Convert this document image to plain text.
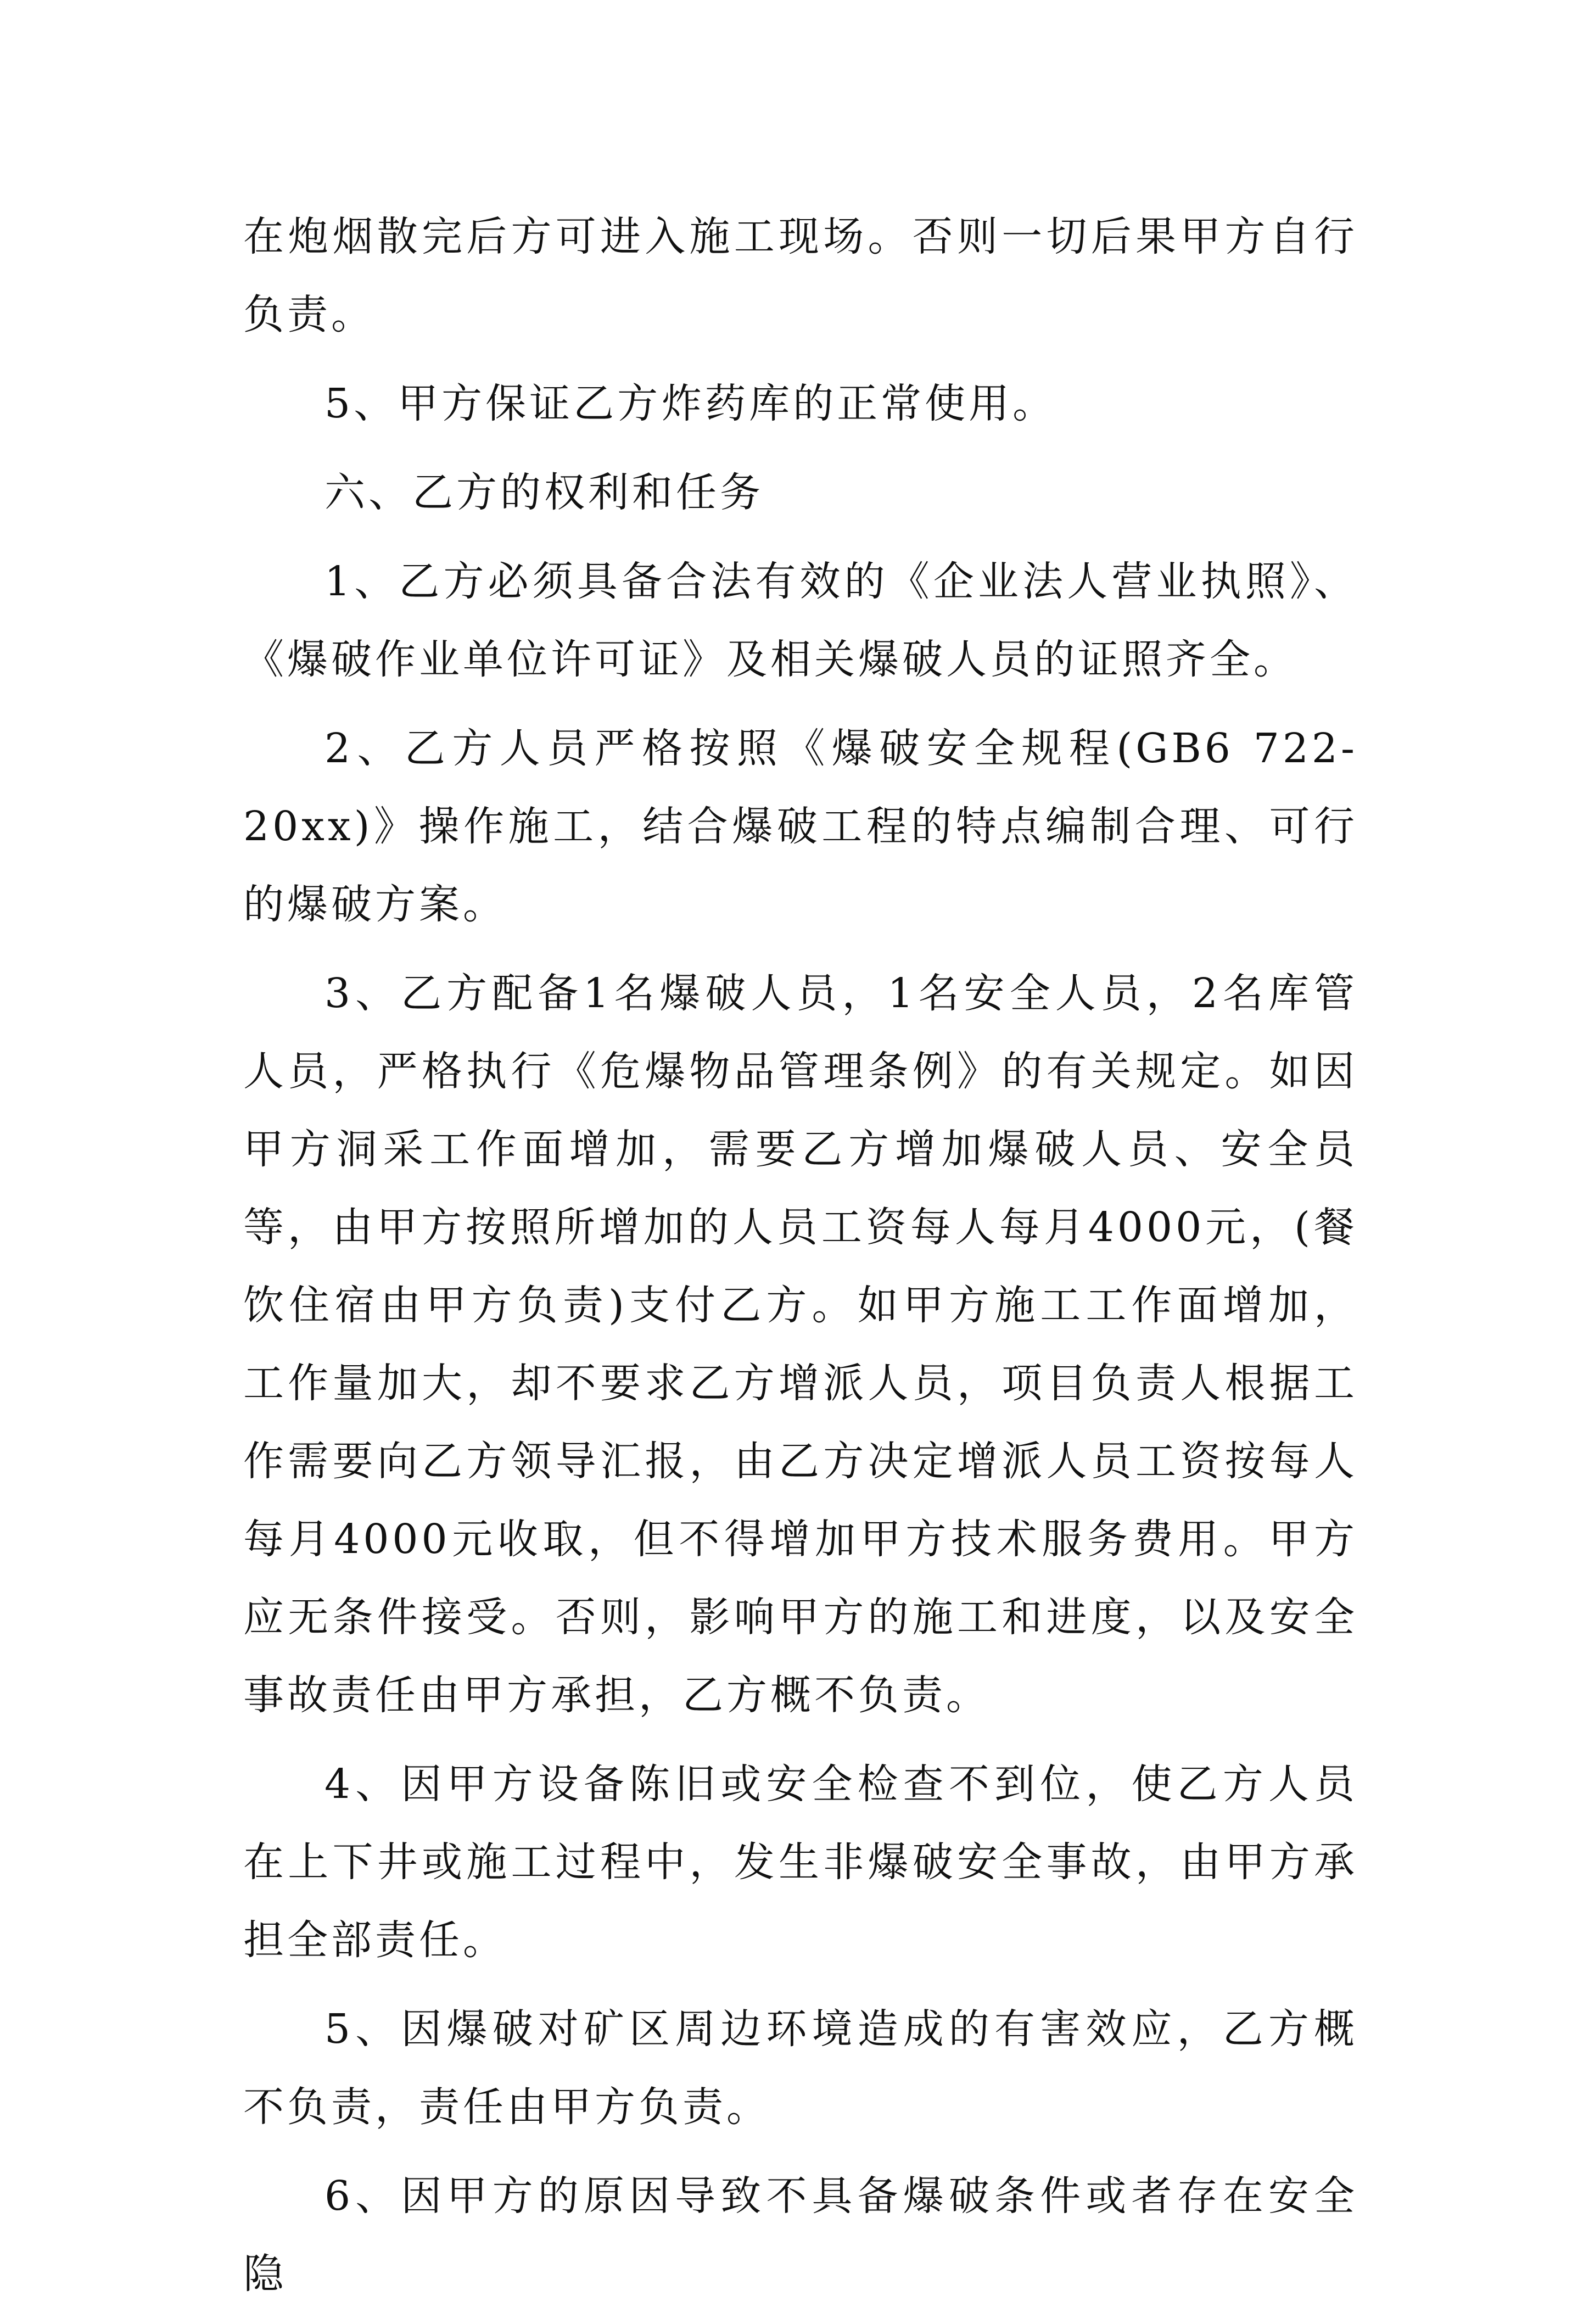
在炮烟散完后方可进入施工现场。否则一切后果甲方自行负责。

5、甲方保证乙方炸药库的正常使用。

六、乙方的权利和任务

1、乙方必须具备合法有效的《企业法人营业执照》、《爆破作业单位许可证》及相关爆破人员的证照齐全。

2、乙方人员严格按照《爆破安全规程(GB6 722-20xx)》操作施工，结合爆破工程的特点编制合理、可行的爆破方案。

3、乙方配备1名爆破人员，1名安全人员，2名库管人员，严格执行《危爆物品管理条例》的有关规定。如因甲方洞采工作面增加，需要乙方增加爆破人员、安全员等，由甲方按照所增加的人员工资每人每月4000元，(餐饮住宿由甲方负责)支付乙方。如甲方施工工作面增加，工作量加大，却不要求乙方增派人员，项目负责人根据工作需要向乙方领导汇报，由乙方决定增派人员工资按每人每月4000元收取，但不得增加甲方技术服务费用。甲方应无条件接受。否则，影响甲方的施工和进度，以及安全事故责任由甲方承担，乙方概不负责。

4、因甲方设备陈旧或安全检查不到位，使乙方人员在上下井或施工过程中，发生非爆破安全事故，由甲方承担全部责任。

5、因爆破对矿区周边环境造成的有害效应，乙方概不负责，责任由甲方负责。

6、因甲方的原因导致不具备爆破条件或者存在安全隐
